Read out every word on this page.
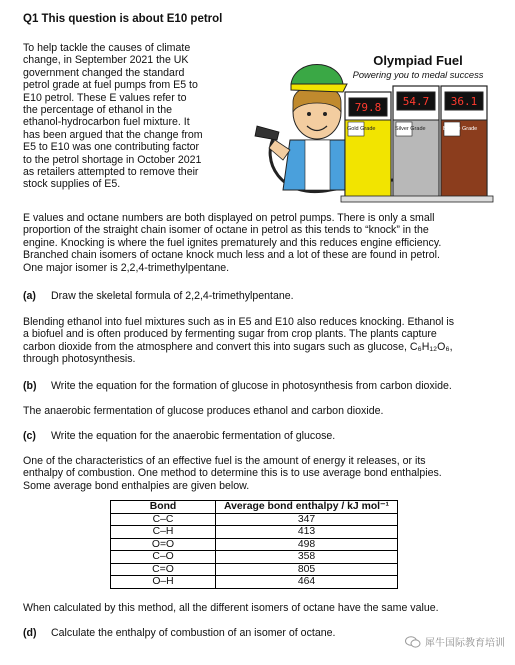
Q1 This question is about E10 petrol
To help tackle the causes of climate
change, in September 2021 the UK
government changed the standard
petrol grade at fuel pumps from E5 to
E10 petrol. These E values refer to
the percentage of ethanol in the
ethanol-hydrocarbon fuel mixture. It
has been argued that the change from
E5 to E10 was one contributing factor
to the petrol shortage in October 2021
as retailers attempted to remove their
stock supplies of E5.
79.8 54.7 36.1
Gold Grade	Silver Grade	Bronze Grade
Olympiad Fuel
Powering you to medal success
E values and octane numbers are both displayed on petrol pumps. There is only a small
proportion of the straight chain isomer of octane in petrol as this tends to “knock” in the
engine. Knocking is where the fuel ignites prematurely and this reduces engine efficiency.
Branched chain isomers of octane knock much less and a lot of these are found in petrol.
One major isomer is 2,2,4-trimethylpentane.
(a) Draw the skeletal formula of 2,2,4-trimethylpentane.
Blending ethanol into fuel mixtures such as in E5 and E10 also reduces knocking. Ethanol is
a biofuel and is often produced by fermenting sugar from crop plants. The plants capture
carbon dioxide from the atmosphere and convert this into sugars such as glucose, C₆H₁₂O₆,
through photosynthesis.
(b) Write the equation for the formation of glucose in photosynthesis from carbon dioxide.
The anaerobic fermentation of glucose produces ethanol and carbon dioxide.
(c) Write the equation for the anaerobic fermentation of glucose.
One of the characteristics of an effective fuel is the amount of energy it releases, or its
enthalpy of combustion. One method to determine this is to use average bond enthalpies.
Some average bond enthalpies are given below.
Bond	Average bond enthalpy / kJ mol⁻¹
C–C	347
C–H	413
O=O	498
C–O	358
C=O	805
O–H	464
When calculated by this method, all the different isomers of octane have the same value.
(d) Calculate the enthalpy of combustion of an isomer of octane.
犀牛国际教育培训
